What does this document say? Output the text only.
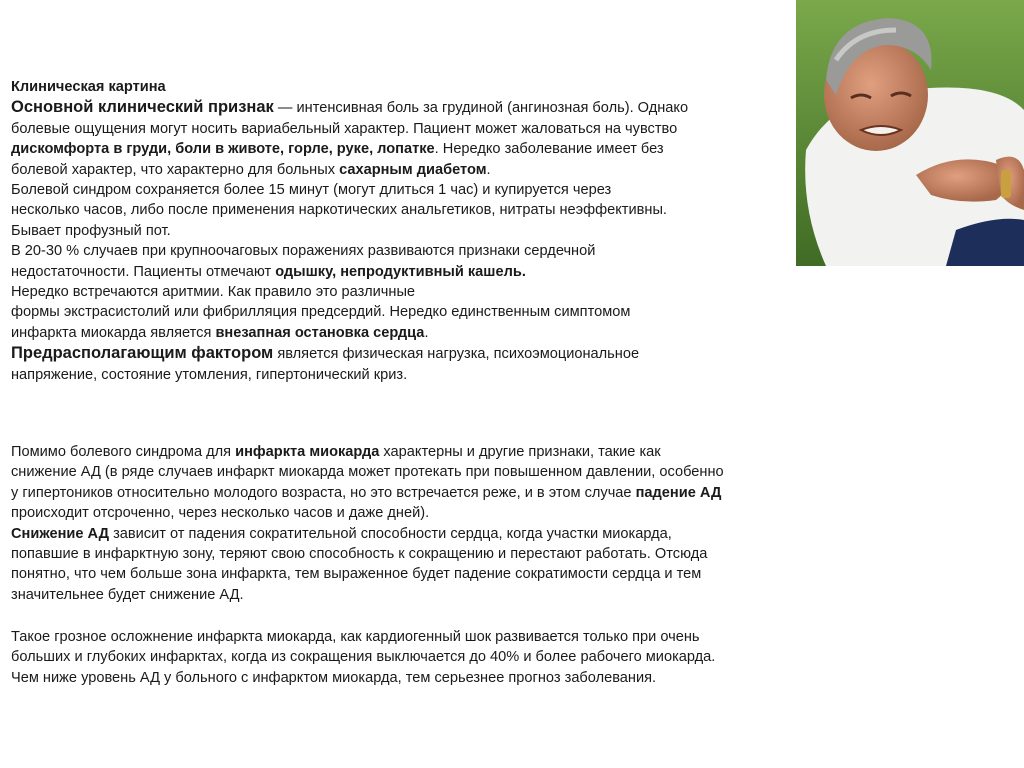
Клиническая картина
Основной клинический признак — интенсивная боль за грудиной (ангинозная боль). Однако
болевые ощущения могут носить вариабельный характер. Пациент может жаловаться на чувство
дискомфорта в груди, боли в животе, горле, руке, лопатке. Нередко заболевание имеет без
болевой характер, что характерно для больных сахарным диабетом.
Болевой синдром сохраняется более 15 минут (могут длиться 1 час) и купируется через
несколько часов, либо после применения наркотических анальгетиков, нитраты неэффективны.
Бывает профузный пот.
В 20-30 % случаев при крупноочаговых поражениях развиваются признаки сердечной
недостаточности. Пациенты отмечают одышку, непродуктивный кашель.
Нередко встречаются аритмии. Как правило это различные
формы экстрасистолий или фибрилляция предсердий. Нередко единственным симптомом
инфаркта миокарда является внезапная остановка сердца.
Предрасполагающим фактором является физическая нагрузка, психоэмоциональное
напряжение, состояние утомления, гипертонический криз.
Помимо болевого синдрома для инфаркта миокарда характерны и другие признаки, такие как
снижение АД (в ряде случаев инфаркт миокарда может протекать при повышенном давлении, особенно
у гипертоников относительно молодого возраста, но это встречается реже, и в этом случае падение АД
происходит отсроченно, через несколько часов и даже дней).
Снижение АД зависит от падения сократительной способности сердца, когда участки миокарда,
попавшие в инфарктную зону, теряют свою способность к сокращению и перестают работать. Отсюда
понятно, что чем больше зона инфаркта, тем выраженное будет падение сократимости сердца и тем
значительнее будет снижение АД.
Такое грозное осложнение инфаркта миокарда, как кардиогенный шок развивается только при очень
больших и глубоких инфарктах, когда из сокращения выключается до 40% и более рабочего миокарда.
Чем ниже уровень АД у больного с инфарктом миокарда, тем серьезнее прогноз заболевания.
